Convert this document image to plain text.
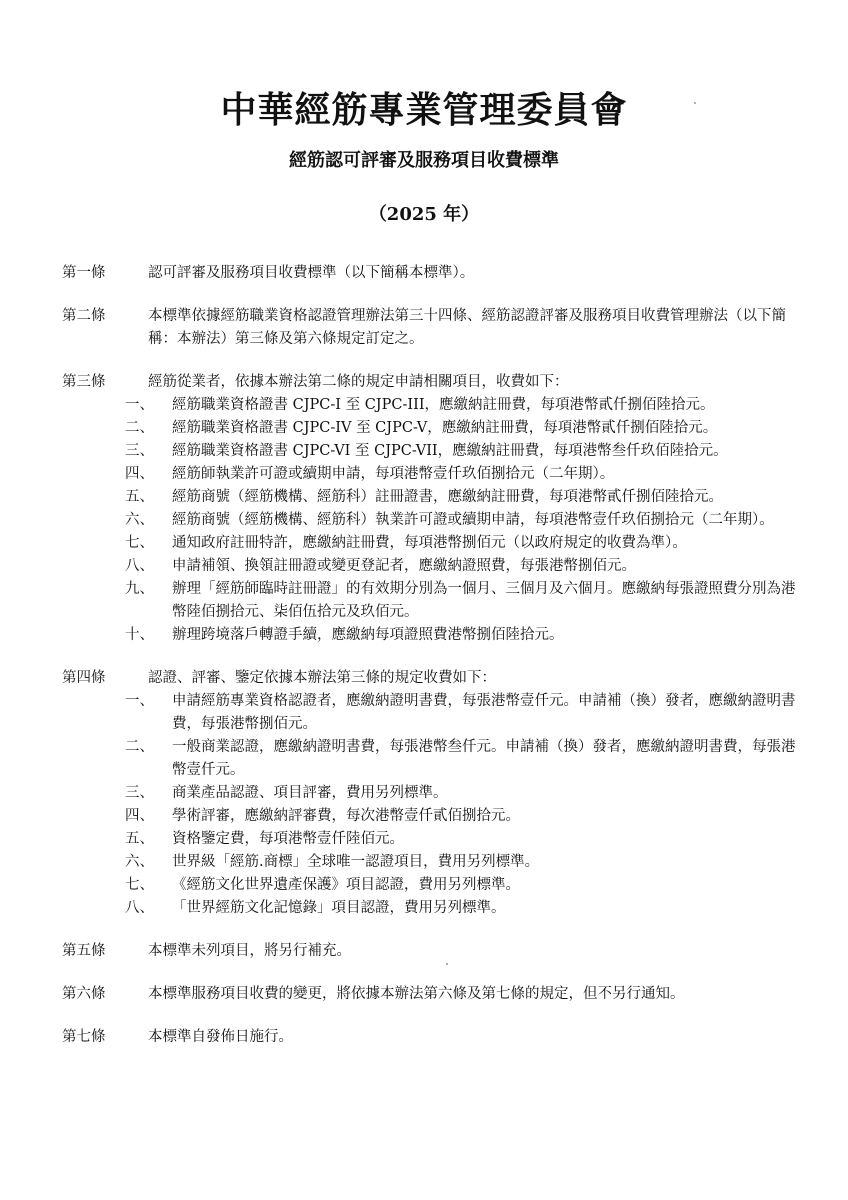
中華經筋專業管理委員會
經筋認可評審及服務項目收費標準
（2025 年）
第一條	認可評審及服務項目收費標準（以下簡稱本標準）。
第二條	本標準依據經筋職業資格認證管理辦法第三十四條、經筋認證評審及服務項目收費管理辦法（以下簡稱：本辦法）第三條及第六條規定訂定之。
第三條	經筋從業者，依據本辦法第二條的規定申請相關項目，收費如下：
一、	經筋職業資格證書 CJPC-I 至 CJPC-III，應繳納註冊費，每項港幣貳仟捌佰陸拾元。
二、	經筋職業資格證書 CJPC-IV 至 CJPC-V，應繳納註冊費，每項港幣貳仟捌佰陸拾元。
三、	經筋職業資格證書 CJPC-VI 至 CJPC-VII，應繳納註冊費，每項港幣叁仟玖佰陸拾元。
四、	經筋師執業許可證或續期申請，每項港幣壹仟玖佰捌拾元（二年期）。
五、	經筋商號（經筋機構、經筋科）註冊證書，應繳納註冊費，每項港幣貳仟捌佰陸拾元。
六、	經筋商號（經筋機構、經筋科）執業許可證或續期申請，每項港幣壹仟玖佰捌拾元（二年期）。
七、	通知政府註冊特許，應繳納註冊費，每項港幣捌佰元（以政府規定的收費為準）。
八、	申請補領、換領註冊證或變更登記者，應繳納證照費，每張港幣捌佰元。
九、	辦理「經筋師臨時註冊證」的有效期分別為一個月、三個月及六個月。應繳納每張證照費分別為港幣陸佰捌拾元、柒佰伍拾元及玖佰元。
十、	辦理跨境落戶轉證手續，應繳納每項證照費港幣捌佰陸拾元。
第四條	認證、評審、鑒定依據本辦法第三條的規定收費如下：
一、	申請經筋專業資格認證者，應繳納證明書費，每張港幣壹仟元。申請補（換）發者，應繳納證明書費，每張港幣捌佰元。
二、	一般商業認證，應繳納證明書費，每張港幣叁仟元。申請補（換）發者，應繳納證明書費，每張港幣壹仟元。
三、	商業產品認證、項目評審，費用另列標準。
四、	學術評審，應繳納評審費，每次港幣壹仟貳佰捌拾元。
五、	資格鑒定費，每項港幣壹仟陸佰元。
六、	世界級「經筋.商標」全球唯一認證項目，費用另列標準。
七、	《經筋文化世界遺產保護》項目認證，費用另列標準。
八、	「世界經筋文化記憶錄」項目認證，費用另列標準。
第五條	本標準未列項目，將另行補充。
第六條	本標準服務項目收費的變更，將依據本辦法第六條及第七條的規定，但不另行通知。
第七條	本標準自發佈日施行。
